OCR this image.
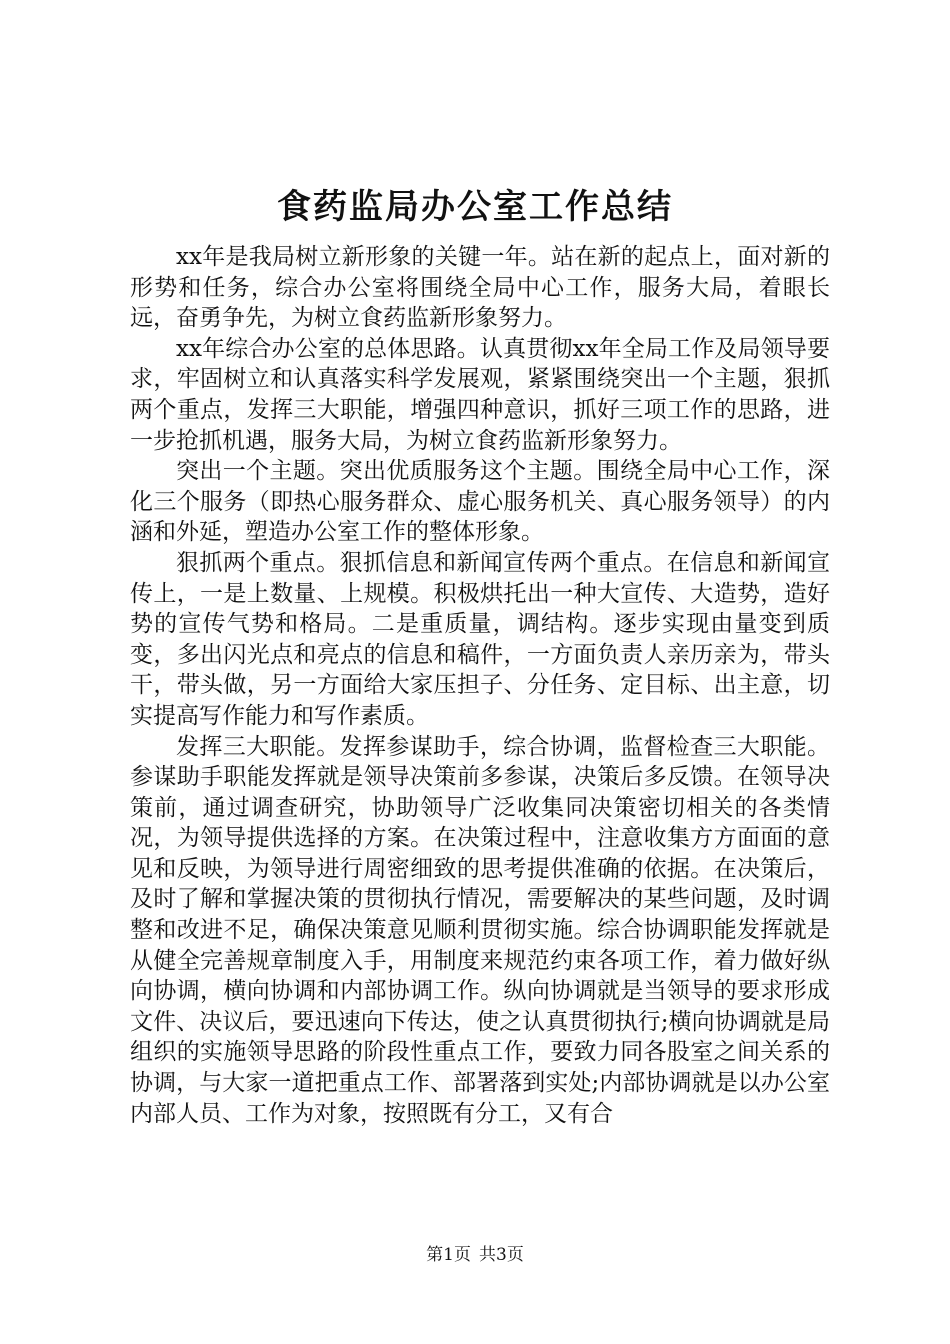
食药监局办公室工作总结

xx年是我局树立新形象的关键一年。站在新的起点上，面对新的形势和任务，综合办公室将围绕全局中心工作，服务大局，着眼长远，奋勇争先，为树立食药监新形象努力。

xx年综合办公室的总体思路。认真贯彻xx年全局工作及局领导要求，牢固树立和认真落实科学发展观，紧紧围绕突出一个主题，狠抓两个重点，发挥三大职能，增强四种意识，抓好三项工作的思路，进一步抢抓机遇，服务大局，为树立食药监新形象努力。

突出一个主题。突出优质服务这个主题。围绕全局中心工作，深化三个服务（即热心服务群众、虚心服务机关、真心服务领导）的内涵和外延，塑造办公室工作的整体形象。

狠抓两个重点。狠抓信息和新闻宣传两个重点。在信息和新闻宣传上，一是上数量、上规模。积极烘托出一种大宣传、大造势，造好势的宣传气势和格局。二是重质量，调结构。逐步实现由量变到质变，多出闪光点和亮点的信息和稿件，一方面负责人亲历亲为，带头干，带头做，另一方面给大家压担子、分任务、定目标、出主意，切实提高写作能力和写作素质。

发挥三大职能。发挥参谋助手，综合协调，监督检查三大职能。参谋助手职能发挥就是领导决策前多参谋，决策后多反馈。在领导决策前，通过调查研究，协助领导广泛收集同决策密切相关的各类情况，为领导提供选择的方案。在决策过程中，注意收集方方面面的意见和反映，为领导进行周密细致的思考提供准确的依据。在决策后，及时了解和掌握决策的贯彻执行情况，需要解决的某些问题，及时调整和改进不足，确保决策意见顺利贯彻实施。综合协调职能发挥就是从健全完善规章制度入手，用制度来规范约束各项工作，着力做好纵向协调，横向协调和内部协调工作。纵向协调就是当领导的要求形成文件、决议后，要迅速向下传达，使之认真贯彻执行;横向协调就是局组织的实施领导思路的阶段性重点工作，要致力同各股室之间关系的协调，与大家一道把重点工作、部署落到实处;内部协调就是以办公室内部人员、工作为对象，按照既有分工，又有合

第1页 共3页
